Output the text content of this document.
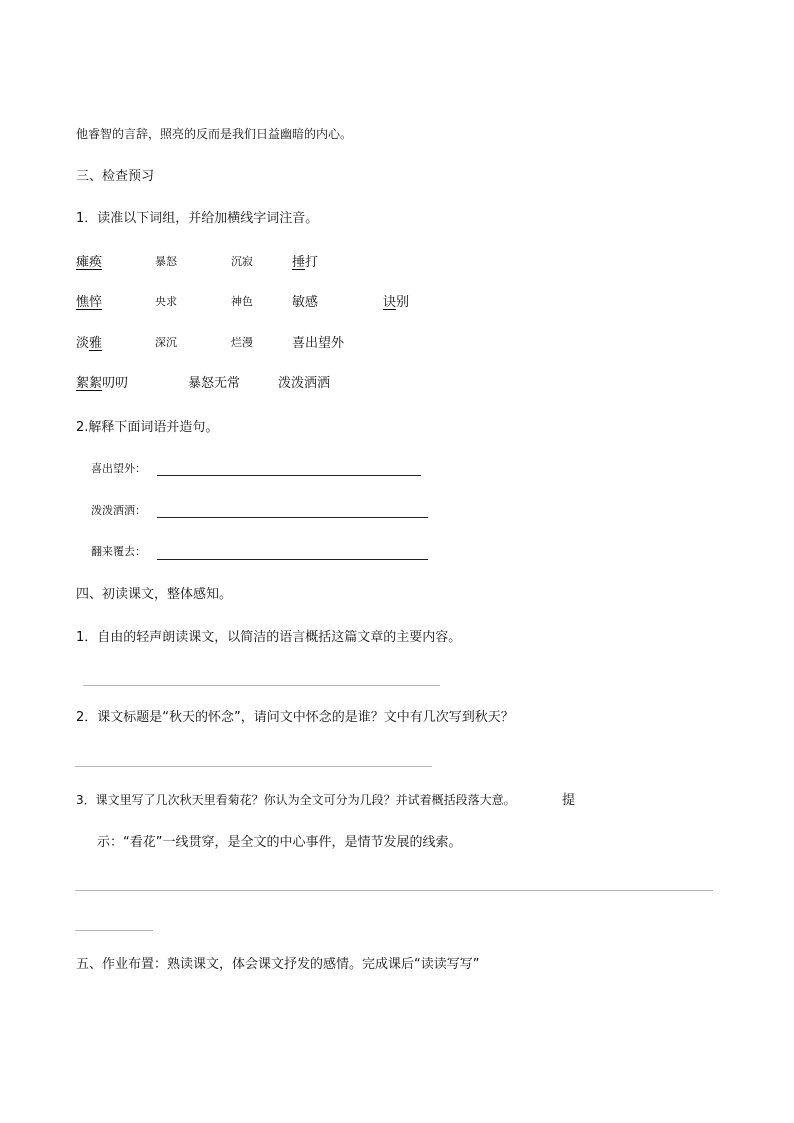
他睿智的言辞，照亮的反而是我们日益幽暗的内心。
三、检查预习
1．读准以下词组，并给加横线字词注音。
瘫痪	暴怒	沉寂	捶打
憔悴	央求	神色	敏感	诀别
淡雅	深沉	烂漫	喜出望外
絮絮叨叨	暴怒无常	泼泼洒洒
2.解释下面词语并造句。
喜出望外：
泼泼洒洒：
翻来覆去：
四、初读课文，整体感知。
1．自由的轻声朗读课文，以简洁的语言概括这篇文章的主要内容。
2．课文标题是“秋天的怀念”，请问文中怀念的是谁？文中有几次写到秋天？
3．课文里写了几次秋天里看菊花？你认为全文可分为几段？并试着概括段落大意。	提
示：“看花”一线贯穿，是全文的中心事件，是情节发展的线索。
五、作业布置：熟读课文，体会课文抒发的感情。完成课后“读读写写”
